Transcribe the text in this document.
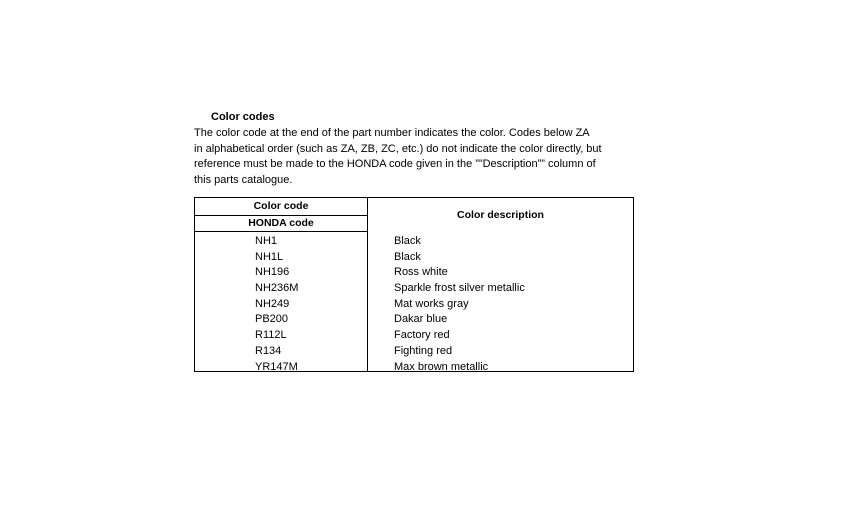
Color codes

The color code at the end of the part number indicates the color. Codes below ZA
in alphabetical order (such as ZA, ZB, ZC, etc.) do not indicate the color directly, but
reference must be made to the HONDA code given in the ””Description”” column of
this parts catalogue.

Color code
HONDA code
Color description
NH1	Black
NH1L	Black
NH196	Ross white
NH236M	Sparkle frost silver metallic
NH249	Mat works gray
PB200	Dakar blue
R112L	Factory red
R134	Fighting red
YR147M	Max brown metallic
